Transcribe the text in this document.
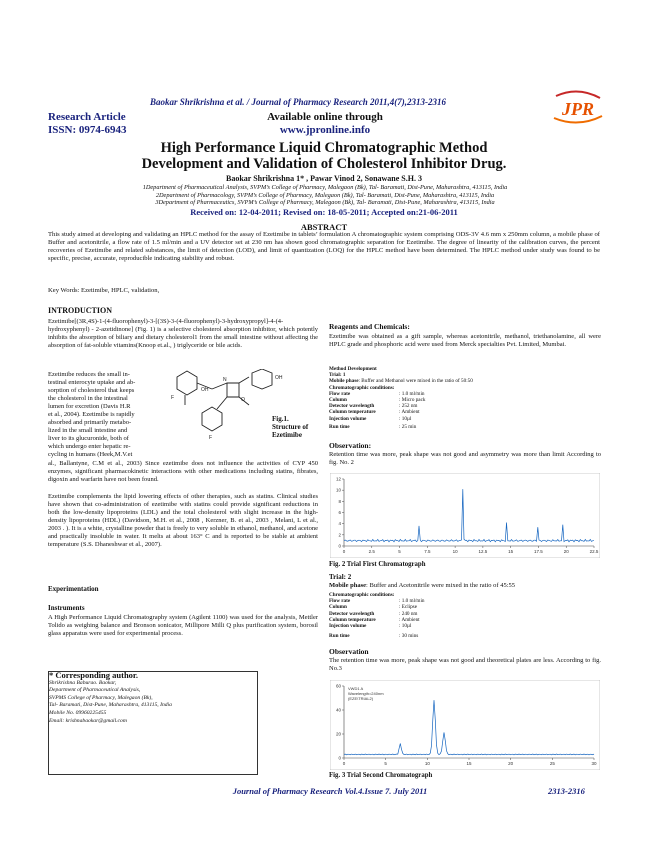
Baokar Shrikrishna et al. / Journal of Pharmacy Research 2011,4(7),2313-2316	JPR
Research Article
ISSN: 0974-6943
Available online through
www.jpronline.info
High Performance Liquid Chromatographic Method
Development and Validation of Cholesterol Inhibitor Drug.
Baokar Shrikrishna 1* , Pawar Vinod 2, Sonawane S.H. 3
1Department of Pharmaceutical Analysis, SVPM’s College of Pharmacy, Malegaon (Bk), Tal- Baramati, Dist-Pune, Maharashtra, 413115, India
2Department of Pharmacology, SVPM’s College of Pharmacy, Malegaon (Bk), Tal- Baramati, Dist-Pune, Maharashtra, 413115, India
3Department of Pharmaceutics, SVPM’s College of Pharmacy, Malegaon (Bk), Tal- Baramati, Dist-Pune, Maharashtra, 413115, India
Received on: 12-04-2011; Revised on: 18-05-2011; Accepted on:21-06-2011
ABSTRACT
This study aimed at developing and validating an HPLC method for the assay of Ezetimibe in tablets’ formulation A chromatographic system comprising ODS-3V 4.6 mm x 250mm column, a mobile phase of Buffer and acetonitrile, a flow rate of 1.5 ml/min and a UV detector set at 230 nm has shown good chromatographic separation for Ezetimibe. The degree of linearity of the calibration curves, the percent recoveries of Ezetimibe and related substances, the limit of detection (LOD), and limit of quantization (LOQ) for the HPLC method have been determined. The HPLC method under study was found to be specific, precise, accurate, reproducible indicating stability and robust.
Key Words: Ezetimibe, HPLC, validation,
INTRODUCTION
Ezetimibe[(3R,4S)-1-(4-fluorophenyl)-3-[(3S)-3-(4-fluorophenyl)-3-hydroxypropyl]-4-(4-hydroxyphenyl) - 2-azetidinone] (Fig. 1) is a selective cholesterol absorption inhibitor, which potently inhibits the absorption of biliary and dietary cholesterol1 from the small intestine without affecting the absorption of fat-soluble vitamins(Knoop et.al., ) triglyceride or bile acids.
Ezetimibe reduces the small in-
testinal enterocyte uptake and ab-
sorption of cholesterol that keeps
the cholesterol in the intestinal
lumen for excretion (Davis H.R
et al., 2004). Ezetimibe is rapidly
absorbed and primarily metabo-
lized in the small intestine and
liver to its glucuronide, both of
which undergo enter hepatic re-
cycling in humans (Heek,M.V.et
N
O
F
OH
F
OH
Fig.1.
Structure of
Ezetimibe
al., Ballantyne, C.M et al., 2003) Since ezetimibe does not influence the activities of CYP 450 enzymes, significant pharmacokinetic interactions with other medications including statins, fibrates, digoxin and warfarin have not been found.
Ezetimibe complements the lipid lowering effects of other therapies, such as statins. Clinical studies have shown that co-administration of ezetimibe with statins could provide significant reductions in both the low-density lipoproteins (LDL) and the total cholesterol with slight increase in the high-density lipoproteins (HDL) (Davidson, M.H. et al., 2008 , Kerzner, B. et al., 2003 , Melani, L et al., 2003 . ). It is a white, crystalline powder that is freely to very soluble in ethanol, methanol, and acetone and practically insoluble in water. It melts at about 163° C and is reported to be stable at ambient temperature (S.S. Dhaneshwar et al., 2007).
Experimentation
Instruments
A High Performance Liquid Chromatography system (Agilent 1100) was used for the analysis, Mettler Tolido as weighing balance and Bronson sonicator, Millipore Milli Q plus purification system, borosil glass apparatus were used for experimental process.
* Corresponding author.
Shrikrishna Baburao. Baokar,
Department of Pharmaceutical Analysis,
SVPMS College of Pharmacy, Malegaon (Bk),
Tal- Baramati, Dist-Pune, Maharashtra, 413115, India
Mobile No. 09960225455
Email: krishnabaokar@gmail.com
Reagents and Chemicals:
Ezetimibe was obtained as a gift sample, whereas acetonitrile, methanol, triethanolamine, all were HPLC grade and phosphoric acid were used from Merck specialties Pvt. Limited, Mumbai.
Method Development
Trial: 1
Mobile phase: Buffer and Methanol were mixed in the ratio of 50:50
Chromatographic conditions:
Flow rate	: 1.0 ml/min
Column	: Micro pack
Detector wavelength	: 252 nm
Column temperature	: Ambient
Injection volume	: 10µl
Run time	: 25 min
Observation:
Retention time was more, peak shape was not good and asymmetry was more than limit According to fig. No. 2
0	2.5	5	7.5	10	12.5	15	17.5	20	22.5
0
2
4
6
8
10
12
Fig. 2 Trial First Chromatograph
Trial: 2
Mobile phase: Buffer and Acetonitrile were mixed in the ratio of 45:55
Chromatographic conditions:
Flow rate	: 1.0 ml/min
Column	: Eclipse
Detector wavelength	: 240 nm
Column temperature	: Ambient
Injection volume	: 10µl
Run time	: 30 mins
Observation
The retention time was more, peak shape was not good and theoretical plates are less. According to fig. No.3
0	5	10	15	20	25	30
0
20
40
60 VWD1 A
Wavelength=240nm
(EZE\TRIAL2)
Fig. 3 Trial Second Chromatograph
Journal of Pharmacy Research Vol.4.Issue 7. July 2011	2313-2316
